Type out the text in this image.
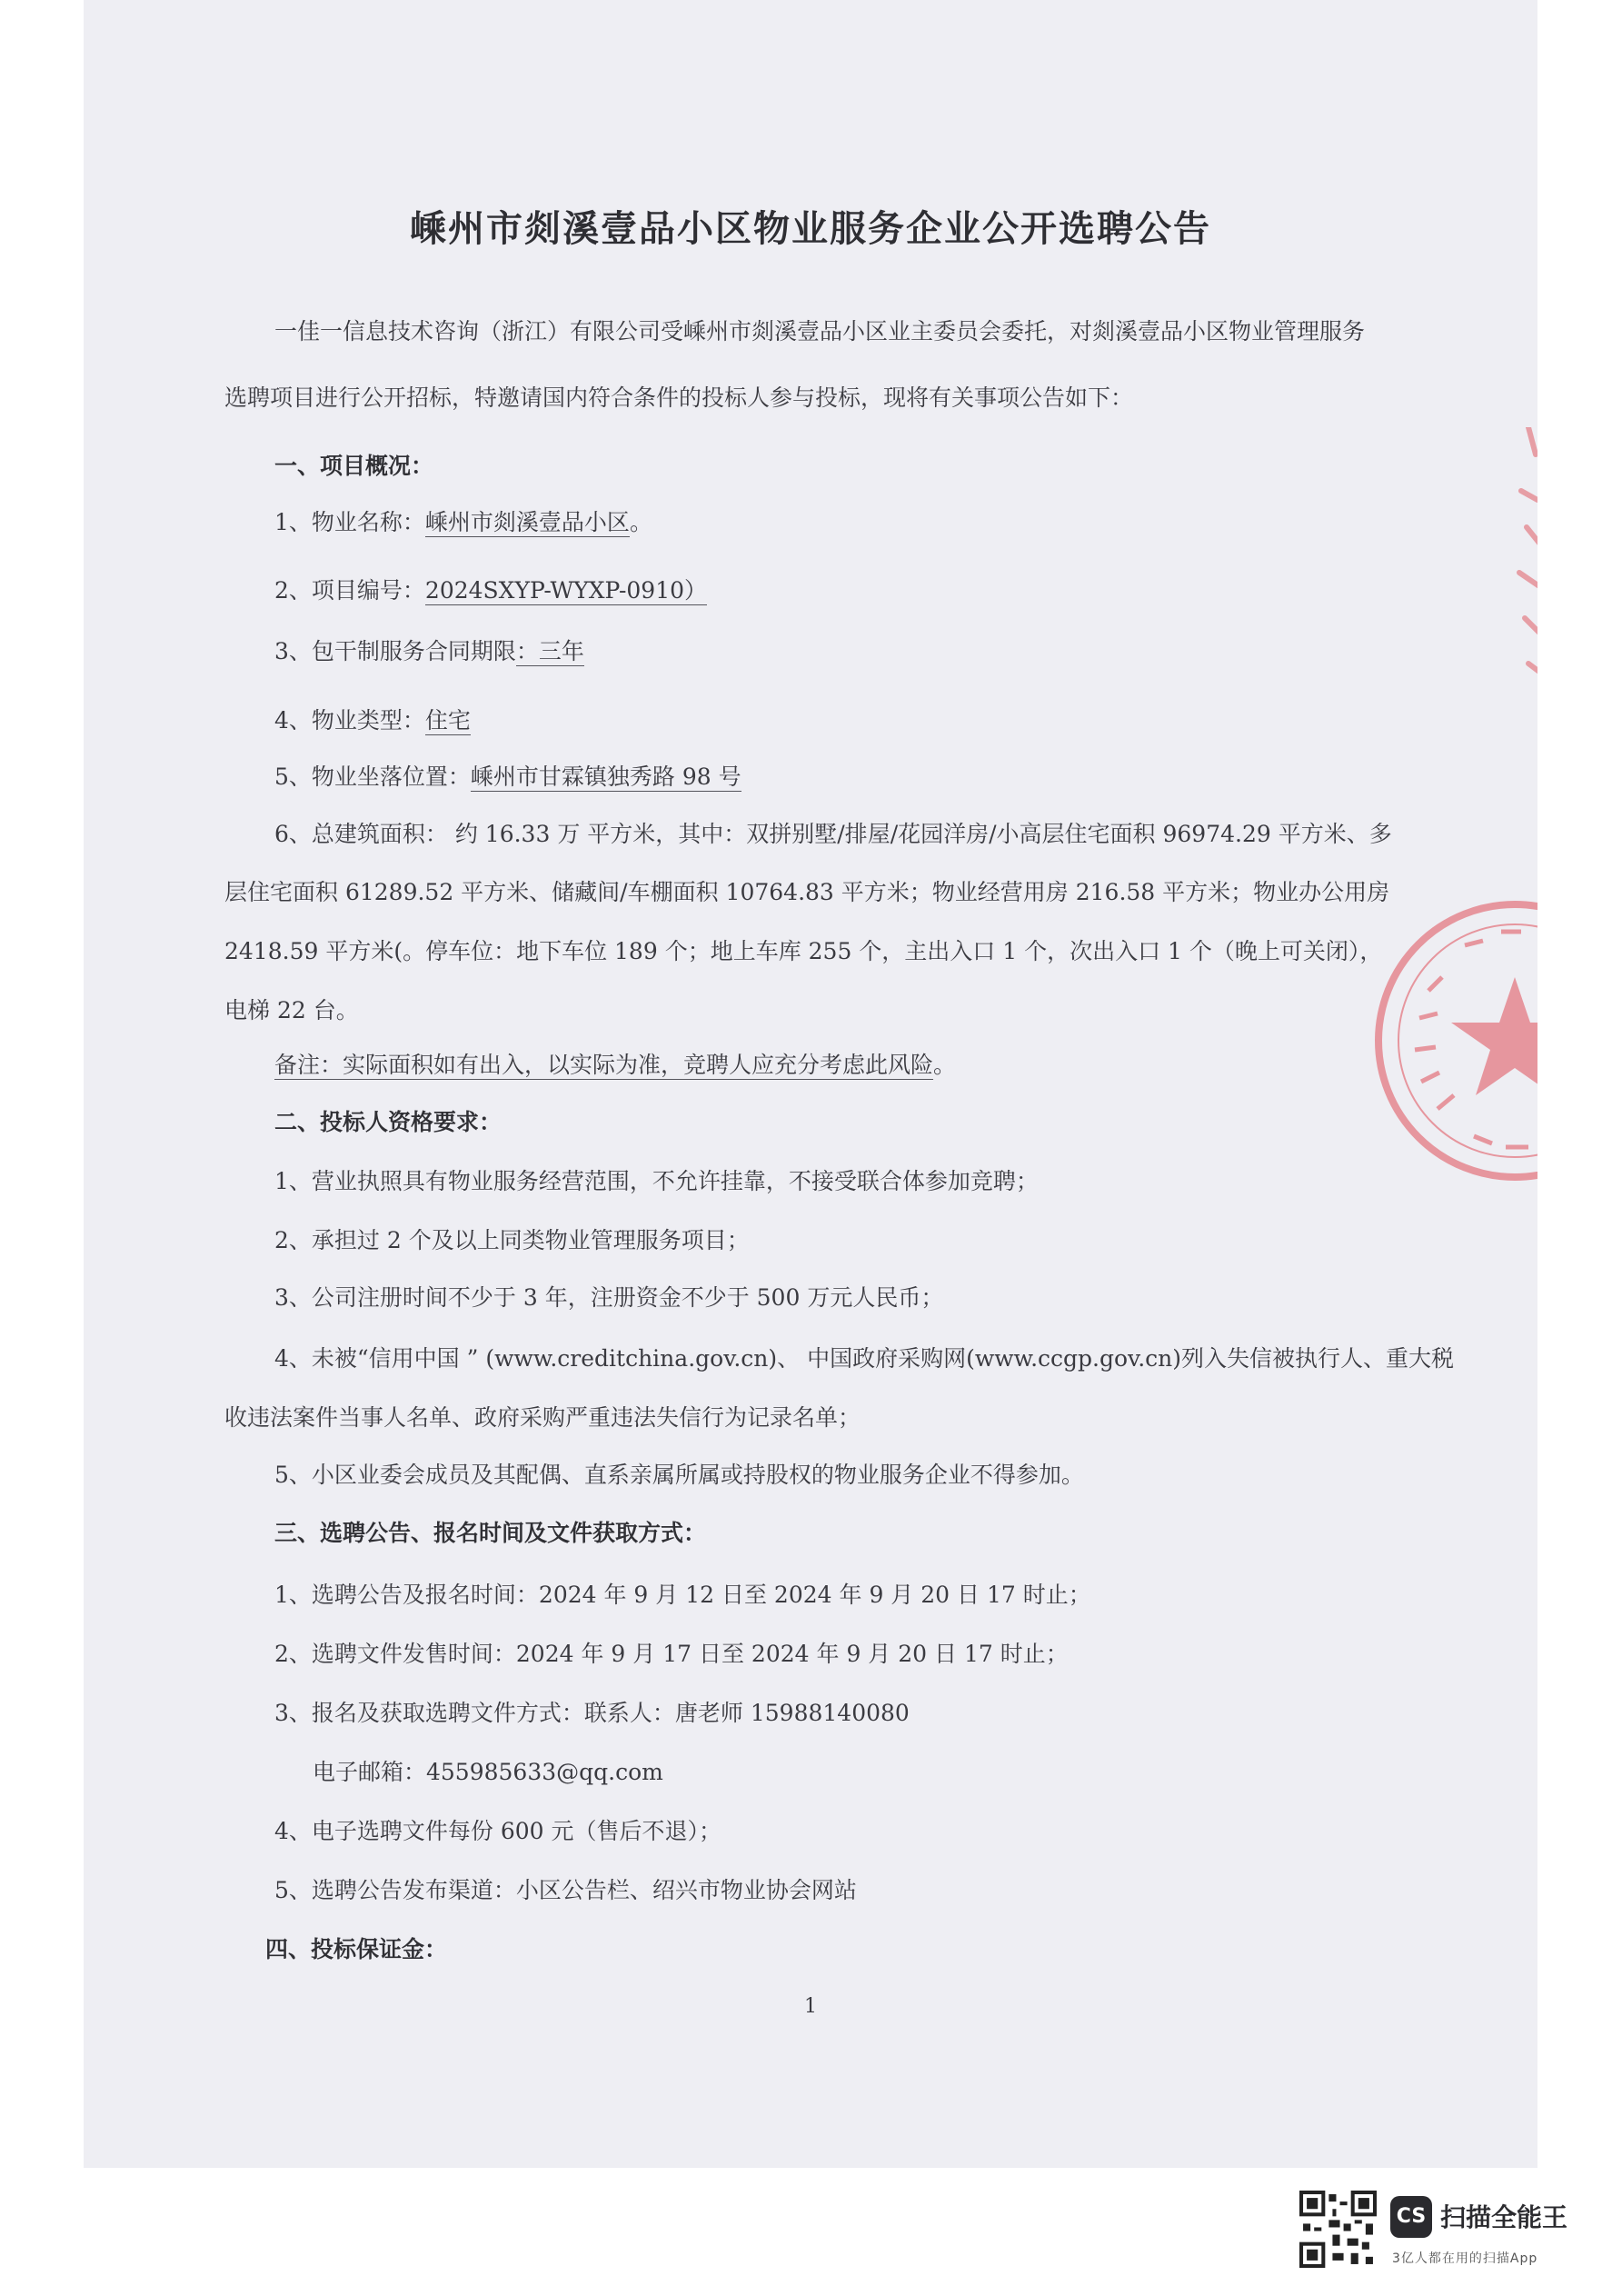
嵊州市剡溪壹品小区物业服务企业公开选聘公告
一佳一信息技术咨询（浙江）有限公司受嵊州市剡溪壹品小区业主委员会委托，对剡溪壹品小区物业管理服务
选聘项目进行公开招标，特邀请国内符合条件的投标人参与投标，现将有关事项公告如下：
一、项目概况：
1、物业名称：嵊州市剡溪壹品小区。
2、项目编号：2024SXYP-WYXP-0910）
3、包干制服务合同期限：三年
4、物业类型：住宅
5、物业坐落位置：嵊州市甘霖镇独秀路 98 号
6、总建筑面积： 约 16.33 万 平方米，其中：双拼别墅/排屋/花园洋房/小高层住宅面积 96974.29 平方米、多
层住宅面积 61289.52 平方米、储藏间/车棚面积 10764.83 平方米；物业经营用房 216.58 平方米；物业办公用房
2418.59 平方米(。停车位：地下车位 189 个；地上车库 255 个，主出入口 1 个，次出入口 1 个（晚上可关闭），
电梯 22 台。
备注：实际面积如有出入，以实际为准，竞聘人应充分考虑此风险。
二、投标人资格要求：
1、营业执照具有物业服务经营范围，不允许挂靠，不接受联合体参加竞聘；
2、承担过 2 个及以上同类物业管理服务项目；
3、公司注册时间不少于 3 年，注册资金不少于 500 万元人民币；
4、未被“信用中国 ” (www.creditchina.gov.cn)、 中国政府采购网(www.ccgp.gov.cn)列入失信被执行人、重大税
收违法案件当事人名单、政府采购严重违法失信行为记录名单；
5、小区业委会成员及其配偶、直系亲属所属或持股权的物业服务企业不得参加。
三、选聘公告、报名时间及文件获取方式：
1、选聘公告及报名时间：2024 年 9 月 12 日至 2024 年 9 月 20 日 17 时止；
2、选聘文件发售时间：2024 年 9 月 17 日至 2024 年 9 月 20 日 17 时止；
3、报名及获取选聘文件方式：联系人：唐老师 15988140080
电子邮箱：455985633@qq.com
4、电子选聘文件每份 600 元（售后不退）；
5、选聘公告发布渠道：小区公告栏、绍兴市物业协会网站
四、投标保证金：
1
CS 扫描全能王
3亿人都在用的扫描App
